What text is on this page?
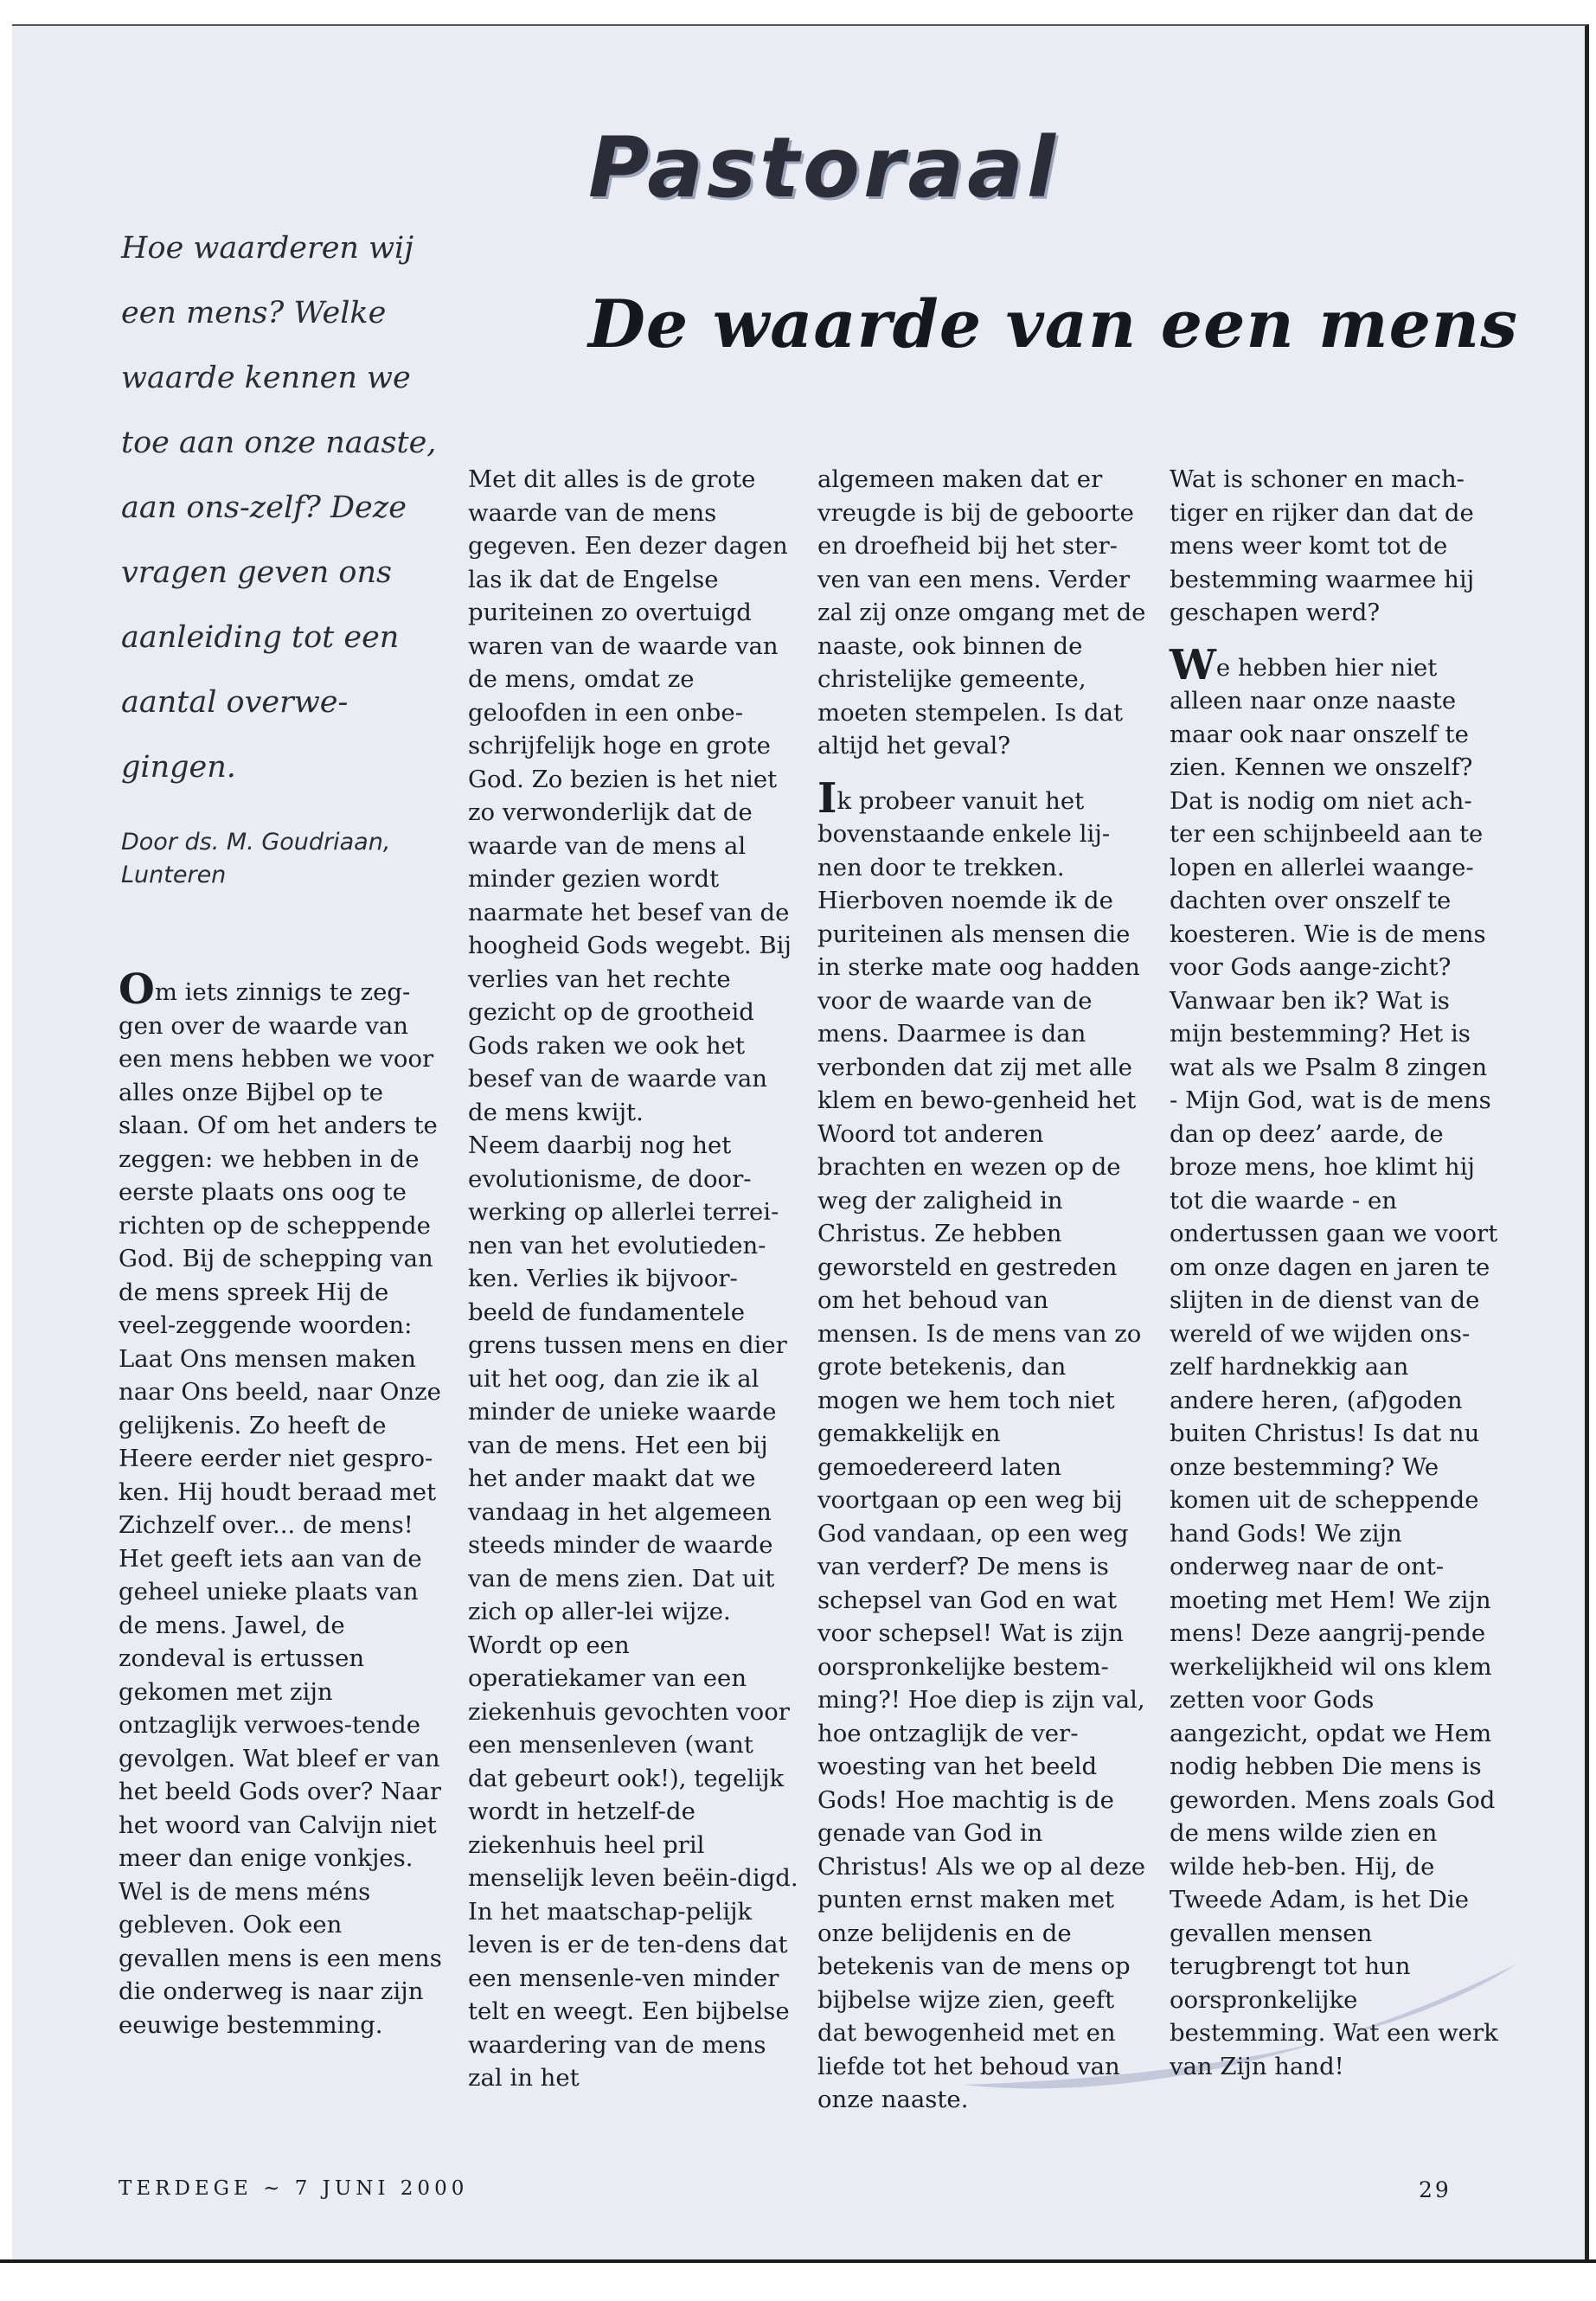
Pastoraal
De waarde van een mens

Hoe waarderen wij een mens? Welke waarde kennen we toe aan onze naaste, aan ons-zelf? Deze vragen geven ons aanleiding tot een aantal overwe-gingen.

Door ds. M. Goudriaan, Lunteren

Om iets zinnigs te zeg-gen over de waarde van een mens hebben we voor alles onze Bijbel op te slaan. Of om het anders te zeggen: we hebben in de eerste plaats ons oog te richten op de scheppende God. Bij de schepping van de mens spreek Hij de veel-zeggende woorden: Laat Ons mensen maken naar Ons beeld, naar Onze gelijkenis. Zo heeft de Heere eerder niet gespro-ken. Hij houdt beraad met Zichzelf over... de mens! Het geeft iets aan van de geheel unieke plaats van de mens. Jawel, de zondeval is ertussen gekomen met zijn ontzaglijk verwoes-tende gevolgen. Wat bleef er van het beeld Gods over? Naar het woord van Calvijn niet meer dan enige vonkjes. Wel is de mens méns gebleven. Ook een gevallen mens is een mens die onderweg is naar zijn eeuwige bestemming.

Met dit alles is de grote waarde van de mens gegeven. Een dezer dagen las ik dat de Engelse puriteinen zo overtuigd waren van de waarde van de mens, omdat ze geloofden in een onbe-schrijfelijk hoge en grote God. Zo bezien is het niet zo verwonderlijk dat de waarde van de mens al minder gezien wordt naarmate het besef van de hoogheid Gods wegebt. Bij verlies van het rechte gezicht op de grootheid Gods raken we ook het besef van de waarde van de mens kwijt.

Neem daarbij nog het evolutionisme, de door-werking op allerlei terrei-nen van het evolutieden-ken. Verlies ik bijvoor-beeld de fundamentele grens tussen mens en dier uit het oog, dan zie ik al minder de unieke waarde van de mens. Het een bij het ander maakt dat we vandaag in het algemeen steeds minder de waarde van de mens zien. Dat uit zich op aller-lei wijze. Wordt op een operatiekamer van een ziekenhuis gevochten voor een mensenleven (want dat gebeurt ook!), tegelijk wordt in hetzelf-de ziekenhuis heel pril menselijk leven beëin-digd. In het maatschap-pelijk leven is er de ten-dens dat een mensenle-ven minder telt en weegt. Een bijbelse waardering van de mens zal in het

algemeen maken dat er vreugde is bij de geboorte en droefheid bij het ster-ven van een mens. Verder zal zij onze omgang met de naaste, ook binnen de christelijke gemeente, moeten stempelen. Is dat altijd het geval?

Ik probeer vanuit het bovenstaande enkele lij-nen door te trekken. Hierboven noemde ik de puriteinen als mensen die in sterke mate oog hadden voor de waarde van de mens. Daarmee is dan verbonden dat zij met alle klem en bewo-genheid het Woord tot anderen brachten en wezen op de weg der zaligheid in Christus. Ze hebben geworsteld en gestreden om het behoud van mensen. Is de mens van zo grote betekenis, dan mogen we hem toch niet gemakkelijk en gemoedereerd laten voortgaan op een weg bij God vandaan, op een weg van verderf? De mens is schepsel van God en wat voor schepsel! Wat is zijn oorspronkelijke bestem-ming?! Hoe diep is zijn val, hoe ontzaglijk de ver-woesting van het beeld Gods! Hoe machtig is de genade van God in Christus! Als we op al deze punten ernst maken met onze belijdenis en de betekenis van de mens op bijbelse wijze zien, geeft dat bewogenheid met en liefde tot het behoud van onze naaste.

Wat is schoner en mach-tiger en rijker dan dat de mens weer komt tot de bestemming waarmee hij geschapen werd?

We hebben hier niet alleen naar onze naaste maar ook naar onszelf te zien. Kennen we onszelf? Dat is nodig om niet ach-ter een schijnbeeld aan te lopen en allerlei waange-dachten over onszelf te koesteren. Wie is de mens voor Gods aange-zicht? Vanwaar ben ik? Wat is mijn bestemming? Het is wat als we Psalm 8 zingen - Mijn God, wat is de mens dan op deez’ aarde, de broze mens, hoe klimt hij tot die waarde - en ondertussen gaan we voort om onze dagen en jaren te slijten in de dienst van de wereld of we wijden ons-zelf hardnekkig aan andere heren, (af)goden buiten Christus! Is dat nu onze bestemming? We komen uit de scheppende hand Gods! We zijn onderweg naar de ont-moeting met Hem! We zijn mens! Deze aangrij-pende werkelijkheid wil ons klem zetten voor Gods aangezicht, opdat we Hem nodig hebben Die mens is geworden. Mens zoals God de mens wilde zien en wilde heb-ben. Hij, de Tweede Adam, is het Die gevallen mensen terugbrengt tot hun oorspronkelijke bestemming. Wat een werk van Zijn hand!

TERDEGE ~ 7 JUNI 2000	29
